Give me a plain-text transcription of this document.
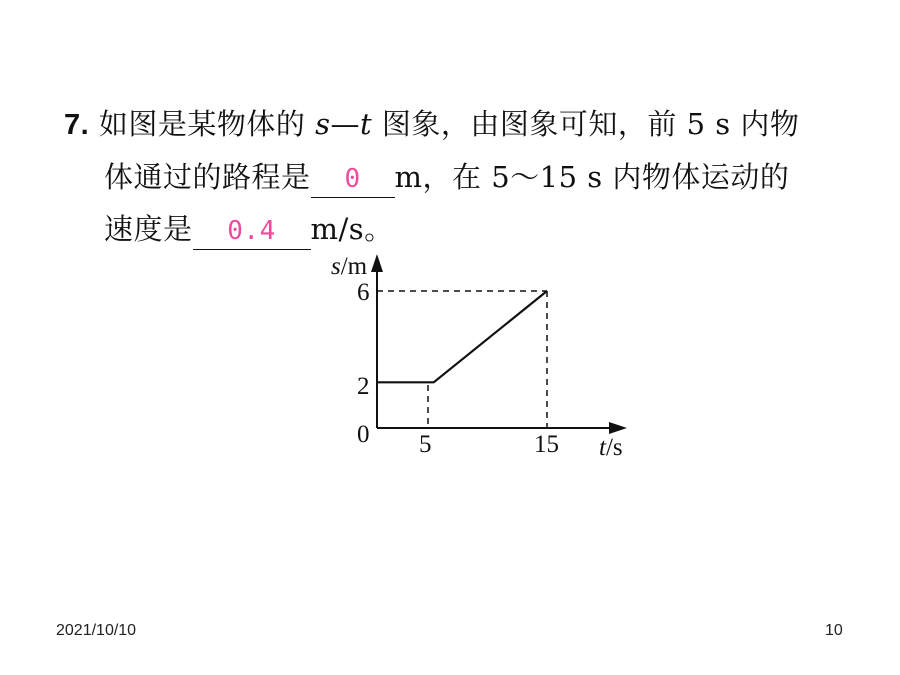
7. 如图是某物体的 s—t 图象，由图象可知，前 5 s 内物
体通过的路程是 0 m，在 5～15 s 内物体运动的
速度是 0.4 m/s。
s/m
t/s
0
6
2
5	15
2021/10/10	10
